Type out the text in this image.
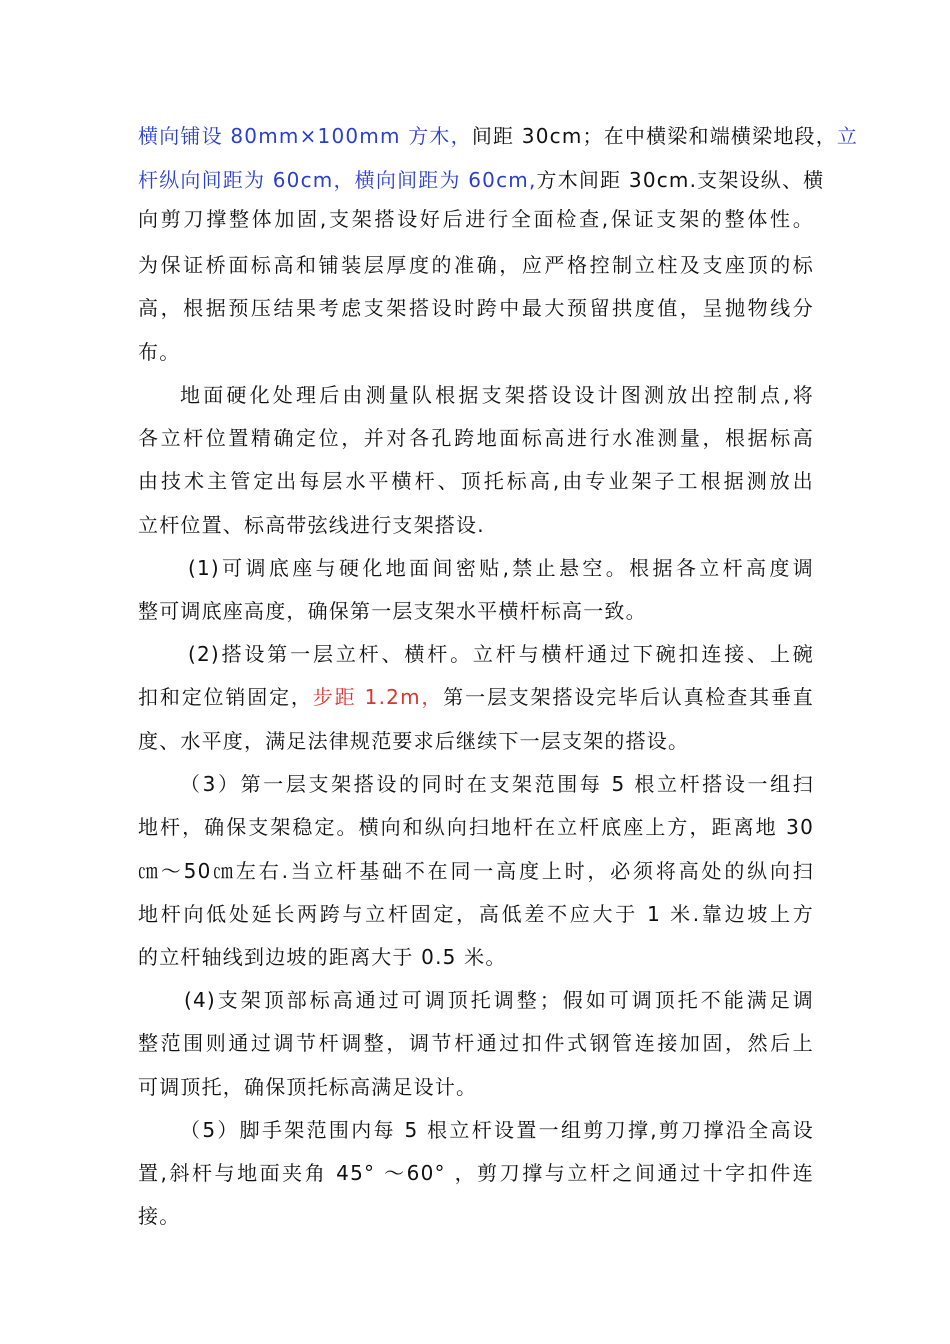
横向铺设 80mm×100mm 方木，间距 30cm；在中横梁和端横梁地段，立
杆纵向间距为 60cm，横向间距为 60cm,方木间距 30cm.支架设纵、横
向剪刀撑整体加固,支架搭设好后进行全面检查,保证支架的整体性。
为保证桥面标高和铺装层厚度的准确，应严格控制立柱及支座顶的标
高，根据预压结果考虑支架搭设时跨中最大预留拱度值，呈抛物线分
布。
地面硬化处理后由测量队根据支架搭设设计图测放出控制点,将
各立杆位置精确定位，并对各孔跨地面标高进行水准测量，根据标高
由技术主管定出每层水平横杆、顶托标高,由专业架子工根据测放出
立杆位置、标高带弦线进行支架搭设.
(1)可调底座与硬化地面间密贴,禁止悬空。根据各立杆高度调
整可调底座高度，确保第一层支架水平横杆标高一致。
(2)搭设第一层立杆、横杆。立杆与横杆通过下碗扣连接、上碗
扣和定位销固定，步距 1.2m，第一层支架搭设完毕后认真检查其垂直
度、水平度，满足法律规范要求后继续下一层支架的搭设。
（3）第一层支架搭设的同时在支架范围每 5 根立杆搭设一组扫
地杆，确保支架稳定。横向和纵向扫地杆在立杆底座上方，距离地 30
㎝～50㎝左右.当立杆基础不在同一高度上时，必须将高处的纵向扫
地杆向低处延长两跨与立杆固定，高低差不应大于 1 米.靠边坡上方
的立杆轴线到边坡的距离大于 0.5 米。
(4)支架顶部标高通过可调顶托调整；假如可调顶托不能满足调
整范围则通过调节杆调整，调节杆通过扣件式钢管连接加固，然后上
可调顶托，确保顶托标高满足设计。
（5）脚手架范围内每 5 根立杆设置一组剪刀撑,剪刀撑沿全高设
置,斜杆与地面夹角 45° ～60° ，剪刀撑与立杆之间通过十字扣件连
接。
